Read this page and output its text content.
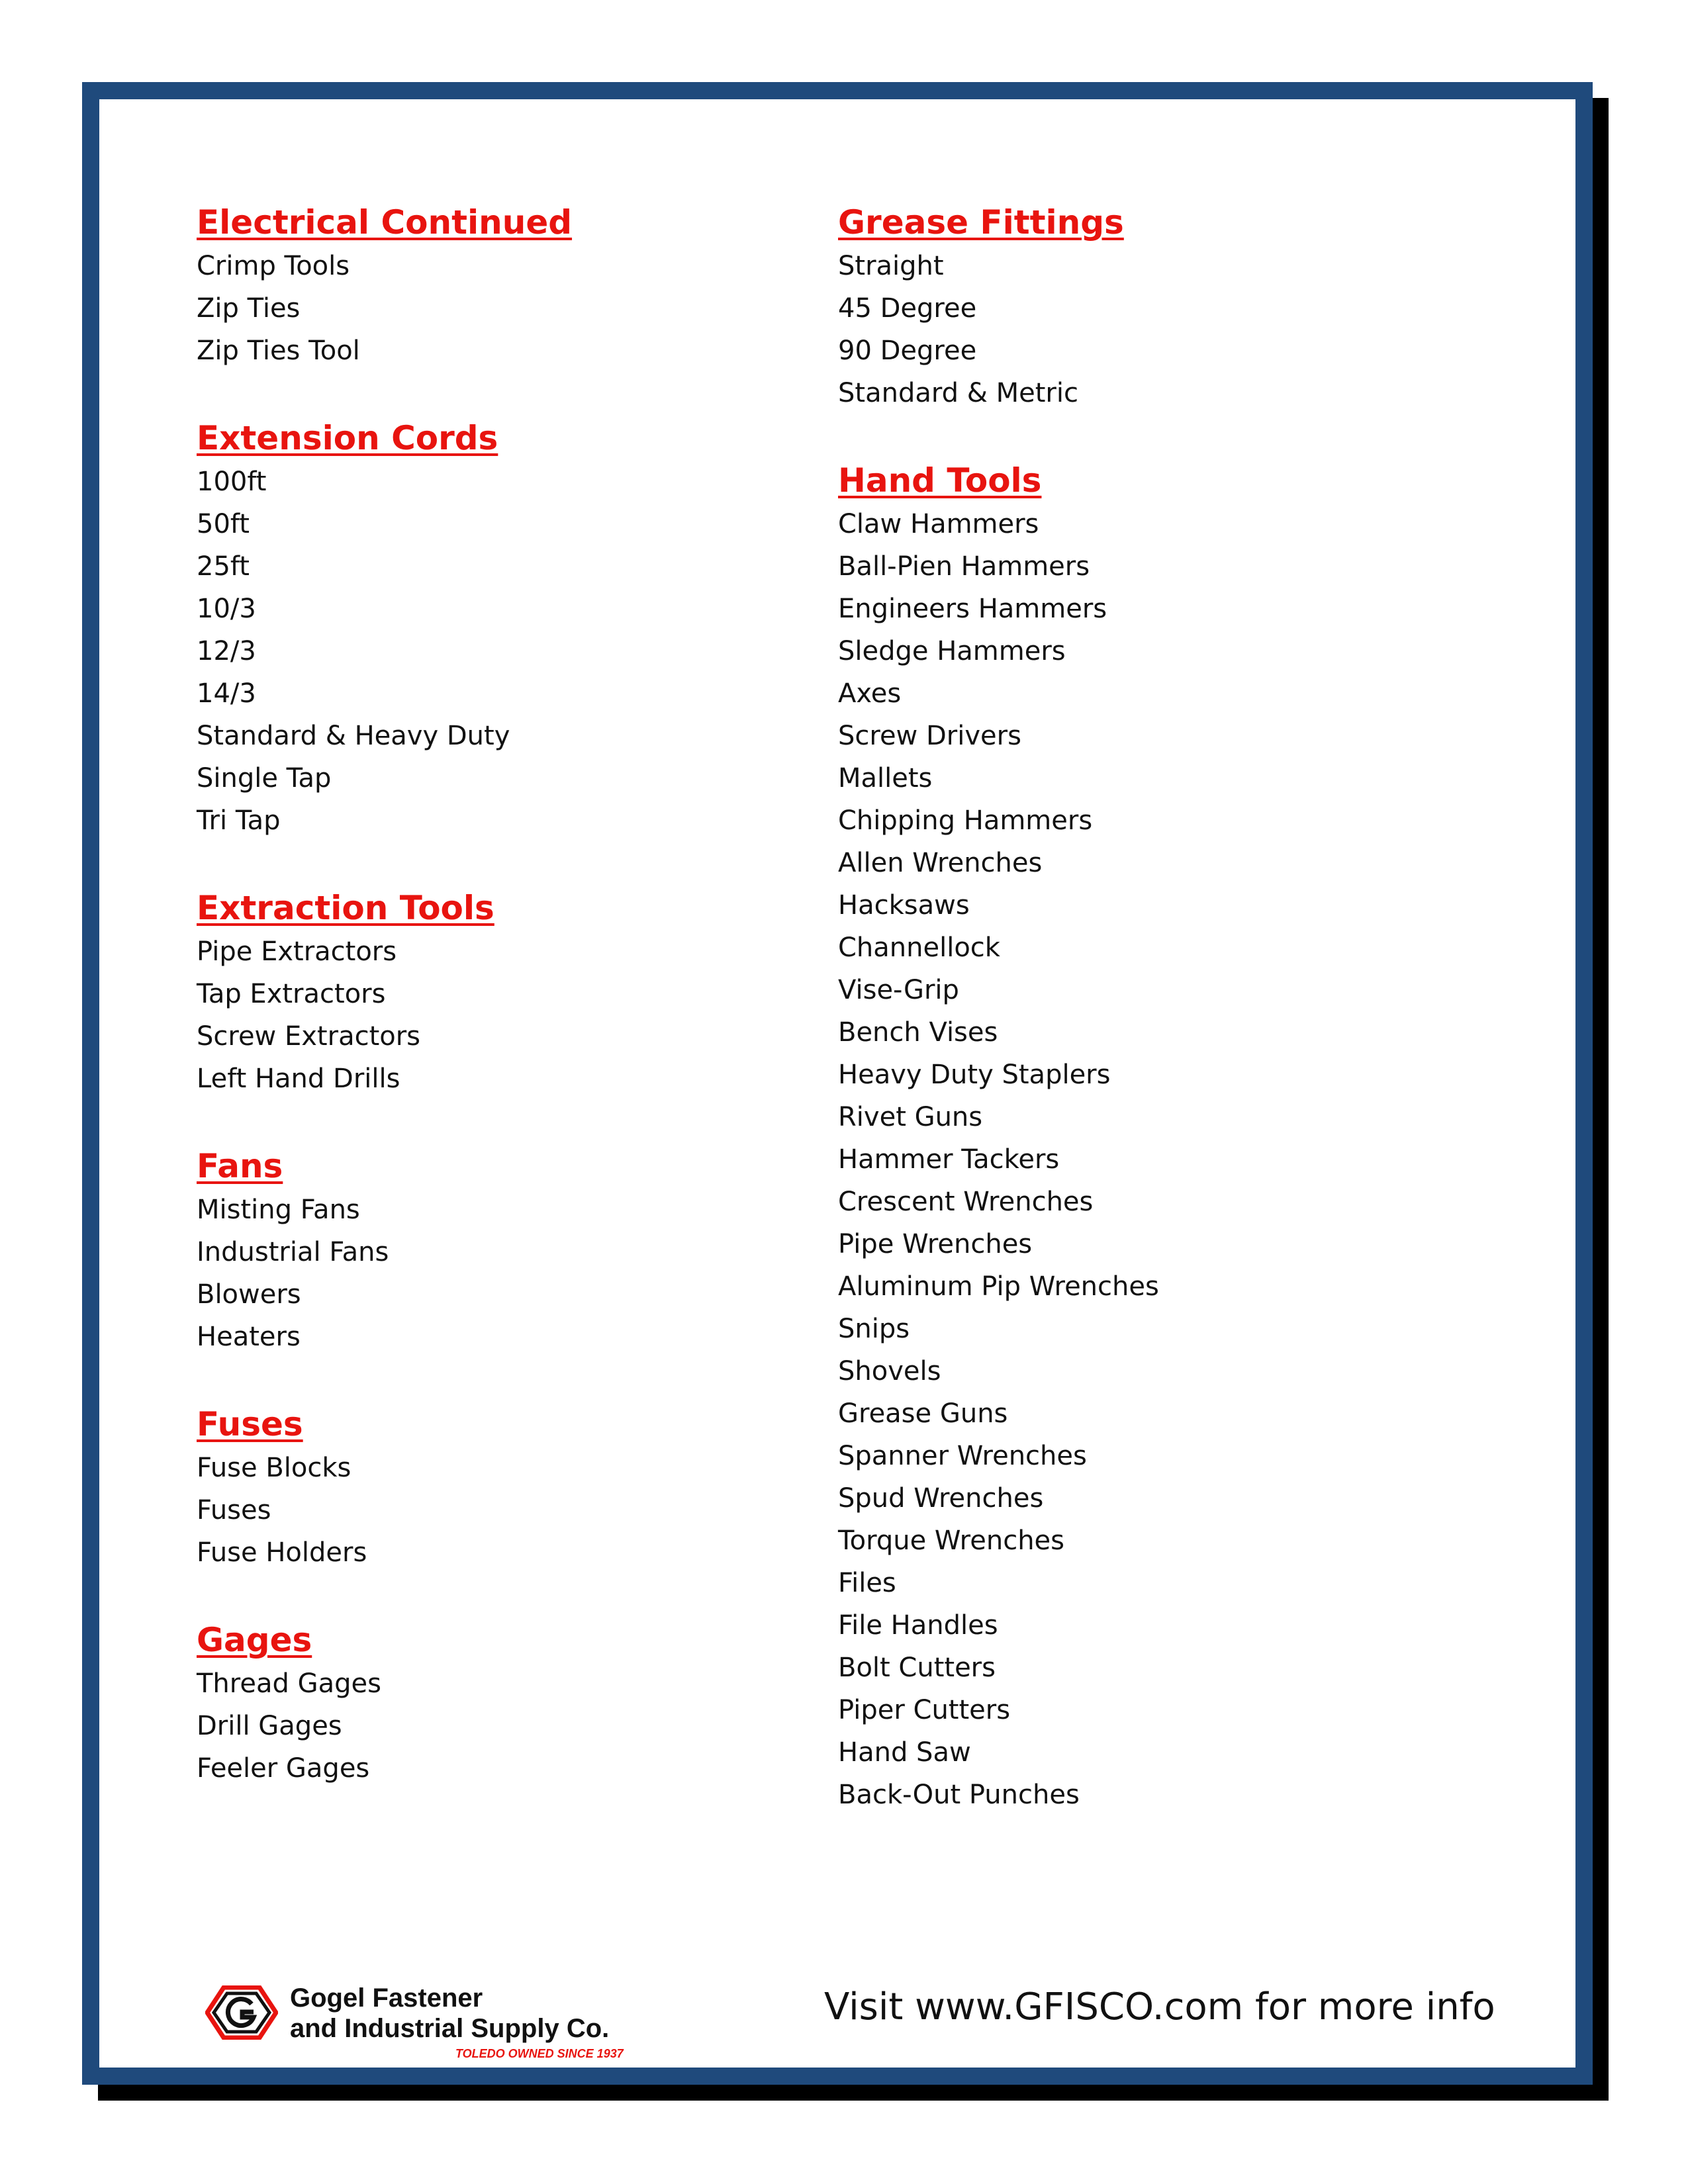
Electrical Continued
Crimp Tools
Zip Ties
Zip Ties Tool
Extension Cords
100ft
50ft
25ft
10/3
12/3
14/3
Standard & Heavy Duty
Single Tap
Tri Tap
Extraction Tools
Pipe Extractors
Tap Extractors
Screw Extractors
Left Hand Drills
Fans
Misting Fans
Industrial Fans
Blowers
Heaters
Fuses
Fuse Blocks
Fuses
Fuse Holders
Gages
Thread Gages
Drill Gages
Feeler Gages
Grease Fittings
Straight
45 Degree
90 Degree
Standard & Metric
Hand Tools
Claw Hammers
Ball-Pien Hammers
Engineers Hammers
Sledge Hammers
Axes
Screw Drivers
Mallets
Chipping Hammers
Allen Wrenches
Hacksaws
Channellock
Vise-Grip
Bench Vises
Heavy Duty Staplers
Rivet Guns
Hammer Tackers
Crescent Wrenches
Pipe Wrenches
Aluminum Pip Wrenches
Snips
Shovels
Grease Guns
Spanner Wrenches
Spud Wrenches
Torque Wrenches
Files
File Handles
Bolt Cutters
Piper Cutters
Hand Saw
Back-Out Punches
Gogel Fastener
and Industrial Supply Co.
TOLEDO OWNED SINCE 1937
Visit www.GFISCO.com for more info
